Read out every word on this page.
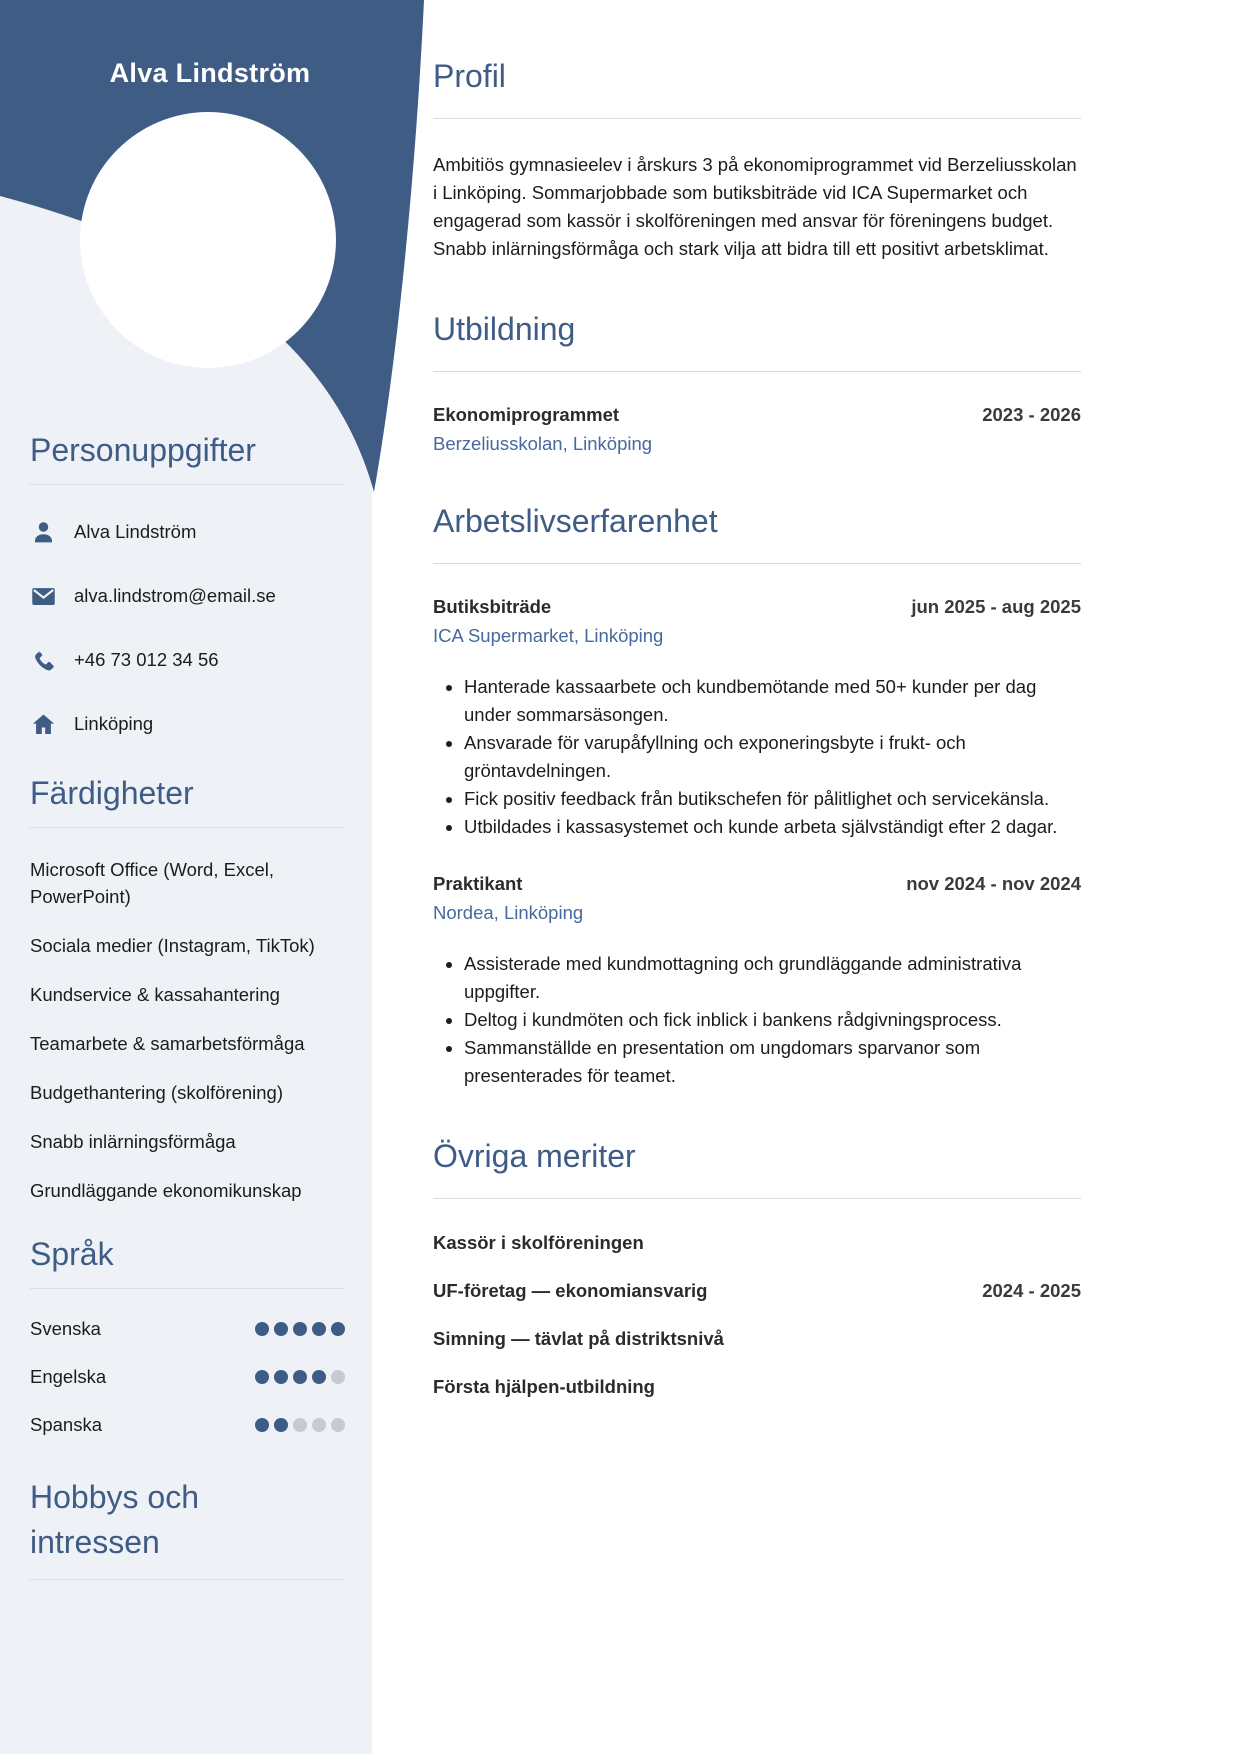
Alva Lindström
Personuppgifter
Alva Lindström
alva.lindstrom@email.se
+46 73 012 34 56
Linköping
Färdigheter
Microsoft Office (Word, Excel, PowerPoint)
Sociala medier (Instagram, TikTok)
Kundservice & kassahantering
Teamarbete & samarbetsförmåga
Budgethantering (skolförening)
Snabb inlärningsförmåga
Grundläggande ekonomikunskap
Språk
Svenska
Engelska
Spanska
Hobbys och intressen
Profil

Ambitiös gymnasieelev i årskurs 3 på ekonomiprogrammet vid Berzeliusskolan i Linköping. Sommarjobbade som butiksbiträde vid ICA Supermarket och engagerad som kassör i skolföreningen med ansvar för föreningens budget. Snabb inlärningsförmåga och stark vilja att bidra till ett positivt arbetsklimat.

Utbildning
Ekonomiprogrammet	2023 - 2026
Berzeliusskolan, Linköping
Arbetslivserfarenhet
Butiksbiträde	jun 2025 - aug 2025
ICA Supermarket, Linköping
• Hanterade kassaarbete och kundbemötande med 50+ kunder per dag under sommarsäsongen.
• Ansvarade för varupåfyllning och exponeringsbyte i frukt- och gröntavdelningen.
• Fick positiv feedback från butikschefen för pålitlighet och servicekänsla.
• Utbildades i kassasystemet och kunde arbeta självständigt efter 2 dagar.
Praktikant	nov 2024 - nov 2024
Nordea, Linköping
• Assisterade med kundmottagning och grundläggande administrativa uppgifter.
• Deltog i kundmöten och fick inblick i bankens rådgivningsprocess.
• Sammanställde en presentation om ungdomars sparvanor som presenterades för teamet.
Övriga meriter
Kassör i skolföreningen
UF-företag — ekonomiansvarig	2024 - 2025
Simning — tävlat på distriktsnivå
Första hjälpen-utbildning
